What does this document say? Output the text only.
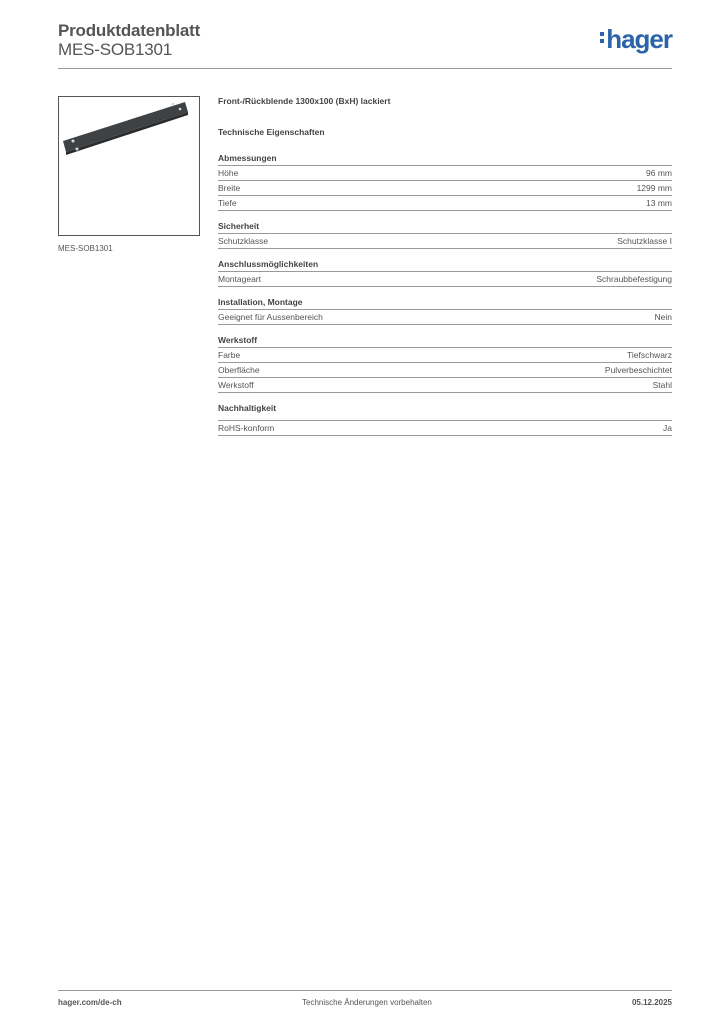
Produktdatenblatt
MES-SOB1301	hager
MES-SOB1301
Front-/Rückblende 1300x100 (BxH) lackiert
Technische Eigenschaften
Abmessungen
Höhe	96 mm
Breite	1299 mm
Tiefe	13 mm
Sicherheit
Schutzklasse	Schutzklasse I
Anschlussmöglichkeiten
Montageart	Schraubbefestigung
Installation, Montage
Geeignet für Aussenbereich	Nein
Werkstoff
Farbe	Tiefschwarz
Oberfläche	Pulverbeschichtet
Werkstoff	Stahl
Nachhaltigkeit
RoHS-konform	Ja
hager.com/de-ch	Technische Änderungen vorbehalten	05.12.2025
